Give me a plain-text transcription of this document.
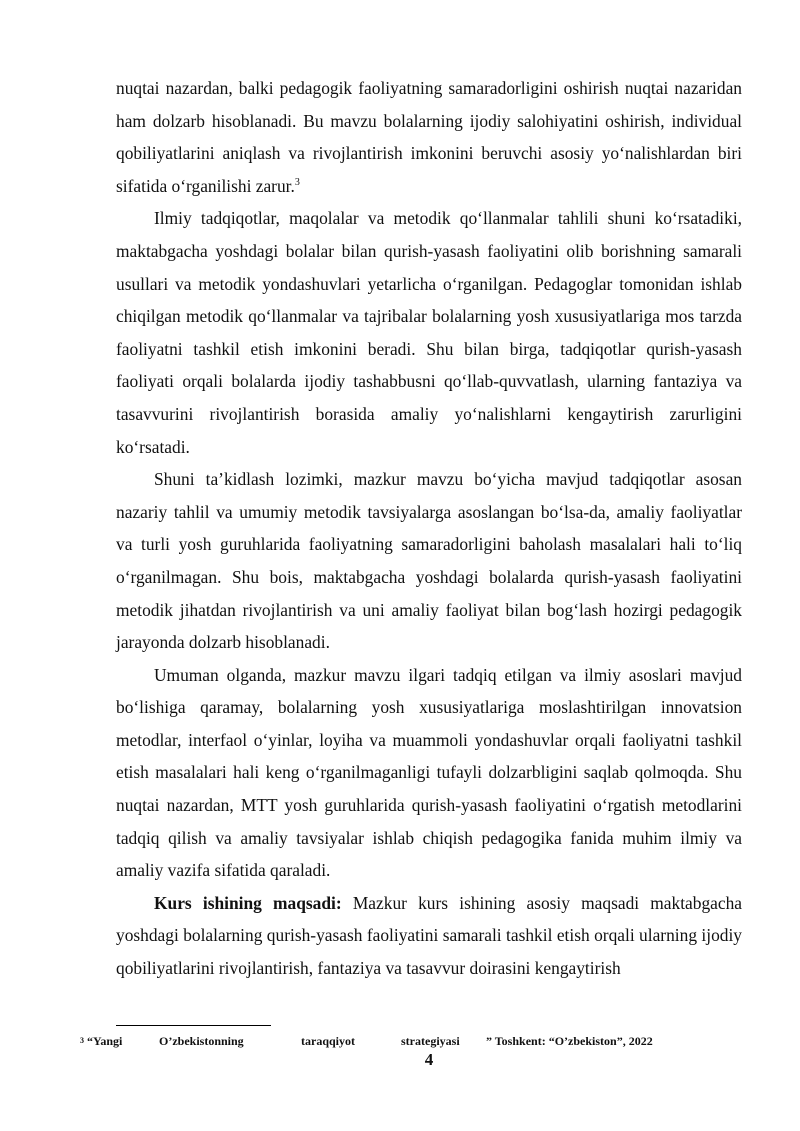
nuqtai nazardan, balki pedagogik faoliyatning samaradorligini oshirish nuqtai nazaridan ham dolzarb hisoblanadi. Bu mavzu bolalarning ijodiy salohiyatini oshirish, individual qobiliyatlarini aniqlash va rivojlantirish imkonini beruvchi asosiy yo‘nalishlardan biri sifatida o‘rganilishi zarur.$^3$

Ilmiy tadqiqotlar, maqolalar va metodik qo‘llanmalar tahlili shuni ko‘rsatadiki, maktabgacha yoshdagi bolalar bilan qurish-yasash faoliyatini olib borishning samarali usullari va metodik yondashuvlari yetarlicha o‘rganilgan. Pedagoglar tomonidan ishlab chiqilgan metodik qo‘llanmalar va tajribalar bolalarning yosh xususiyatlariga mos tarzda faoliyatni tashkil etish imkonini beradi. Shu bilan birga, tadqiqotlar qurish-yasash faoliyati orqali bolalarda ijodiy tashabbusni qo‘llab-quvvatlash, ularning fantaziya va tasavvurini rivojlantirish borasida amaliy yo‘nalishlarni kengaytirish zarurligini ko‘rsatadi.

Shuni ta’kidlash lozimki, mazkur mavzu bo‘yicha mavjud tadqiqotlar asosan nazariy tahlil va umumiy metodik tavsiyalarga asoslangan bo‘lsa-da, amaliy faoliyatlar va turli yosh guruhlarida faoliyatning samaradorligini baholash masalalari hali to‘liq o‘rganilmagan. Shu bois, maktabgacha yoshdagi bolalarda qurish-yasash faoliyatini metodik jihatdan rivojlantirish va uni amaliy faoliyat bilan bog‘lash hozirgi pedagogik jarayonda dolzarb hisoblanadi.

Umuman olganda, mazkur mavzu ilgari tadqiq etilgan va ilmiy asoslari mavjud bo‘lishiga qaramay, bolalarning yosh xususiyatlariga moslashtirilgan innovatsion metodlar, interfaol o‘yinlar, loyiha va muammoli yondashuvlar orqali faoliyatni tashkil etish masalalari hali keng o‘rganilmaganligi tufayli dolzarbligini saqlab qolmoqda. Shu nuqtai nazardan, MTT yosh guruhlarida qurish-yasash faoliyatini o‘rgatish metodlarini tadqiq qilish va amaliy tavsiyalar ishlab chiqish pedagogika fanida muhim ilmiy va amaliy vazifa sifatida qaraladi.

Kurs ishining maqsadi: Mazkur kurs ishining asosiy maqsadi maktabgacha yoshdagi bolalarning qurish-yasash faoliyatini samarali tashkil etish orqali ularning ijodiy qobiliyatlarini rivojlantirish, fantaziya va tasavvur doirasini kengaytirish

3 “Yangi	O’zbekistonning	taraqqiyot	strategiyasi	” Toshkent: “O’zbekiston”, 2022
4
